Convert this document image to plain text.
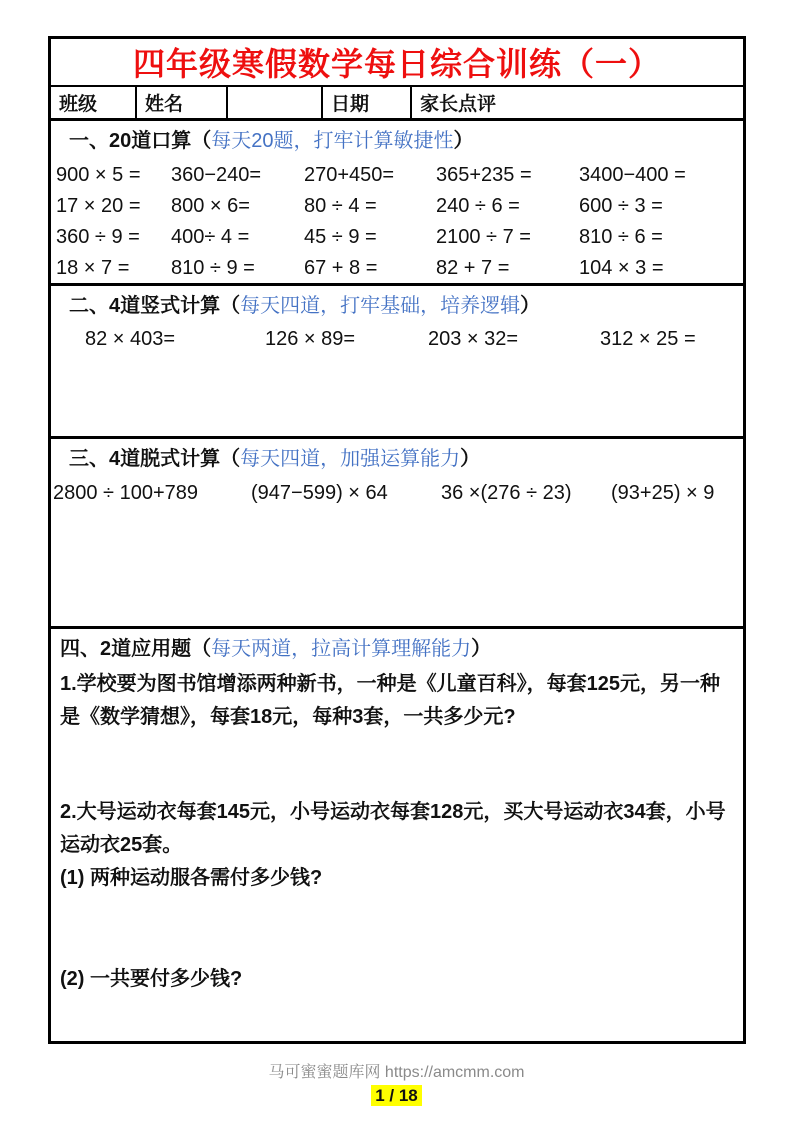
四年级寒假数学每日综合训练（一）
班级	姓名	日期	家长点评
一、20道口算（每天20题，打牢计算敏捷性）
900 × 5 =	360−240=	270+450=	365+235 =	3400−400 =
17 × 20 =	800 × 6=	80 ÷ 4 =	240 ÷ 6 =	600 ÷ 3 =
360 ÷ 9 =	400÷ 4 =	45 ÷ 9 =	2100 ÷ 7 =	810 ÷ 6 =
18 × 7 =	810 ÷ 9 =	67 + 8 =	82 + 7 =	104 × 3 =
二、4道竖式计算（每天四道，打牢基础，培养逻辑）
82 × 403=	126 × 89=	203 × 32=	312 × 25 =
三、4道脱式计算（每天四道，加强运算能力）
2800 ÷ 100+789	(947−599) × 64	36 ×(276 ÷ 23)	(93+25) × 9
四、2道应用题（每天两道，拉高计算理解能力）
1.学校要为图书馆增添两种新书，一种是《儿童百科》，每套125元，另一种是《数学猜想》，每套18元，每种3套，一共多少元?
2.大号运动衣每套145元，小号运动衣每套128元，买大号运动衣34套，小号运动衣25套。
(1) 两种运动服各需付多少钱?
(2) 一共要付多少钱?
马可蜜蜜题库网 https://amcmm.com
1 / 18
